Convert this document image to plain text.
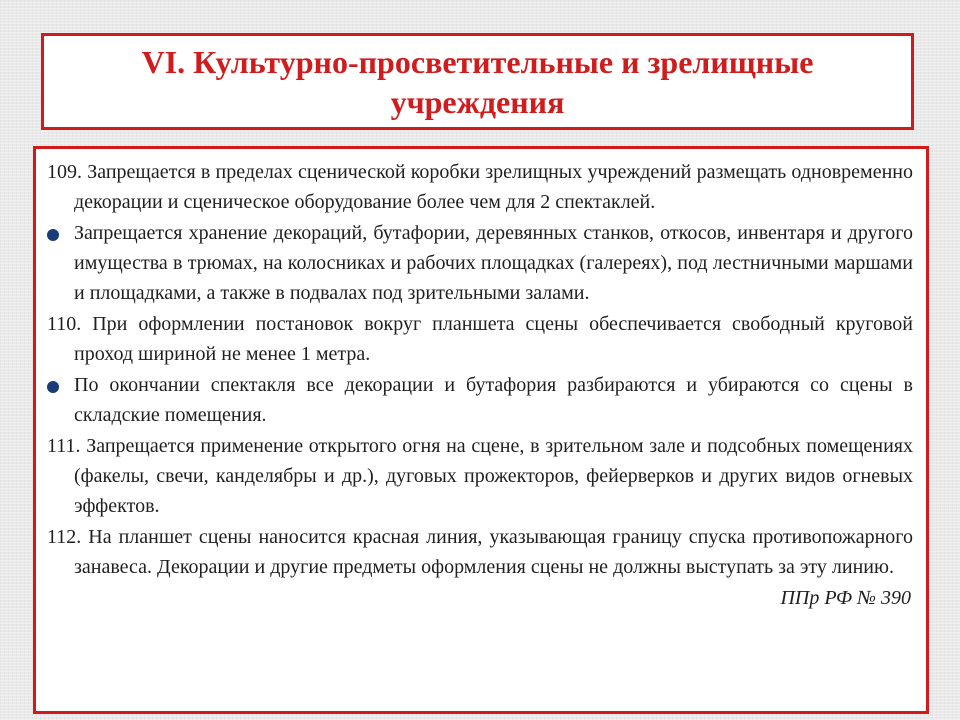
VI. Культурно-просветительные и зрелищные учреждения

109. Запрещается в пределах сценической коробки зрелищных учреждений размещать одновременно декорации и сценическое оборудование более чем для 2 спектаклей.

Запрещается хранение декораций, бутафории, деревянных станков, откосов, инвентаря и другого имущества в трюмах, на колосниках и рабочих площадках (галереях), под лестничными маршами и площадками, а также в подвалах под зрительными залами.

110. При оформлении постановок вокруг планшета сцены обеспечивается свободный круговой проход шириной не менее 1 метра.

По окончании спектакля все декорации и бутафория разбираются и убираются со сцены в складские помещения.

111. Запрещается применение открытого огня на сцене, в зрительном зале и подсобных помещениях (факелы, свечи, канделябры и др.), дуговых прожекторов, фейерверков и других видов огневых эффектов.

112. На планшет сцены наносится красная линия, указывающая границу спуска противопожарного занавеса. Декорации и другие предметы оформления сцены не должны выступать за эту линию.

ППр РФ № 390
